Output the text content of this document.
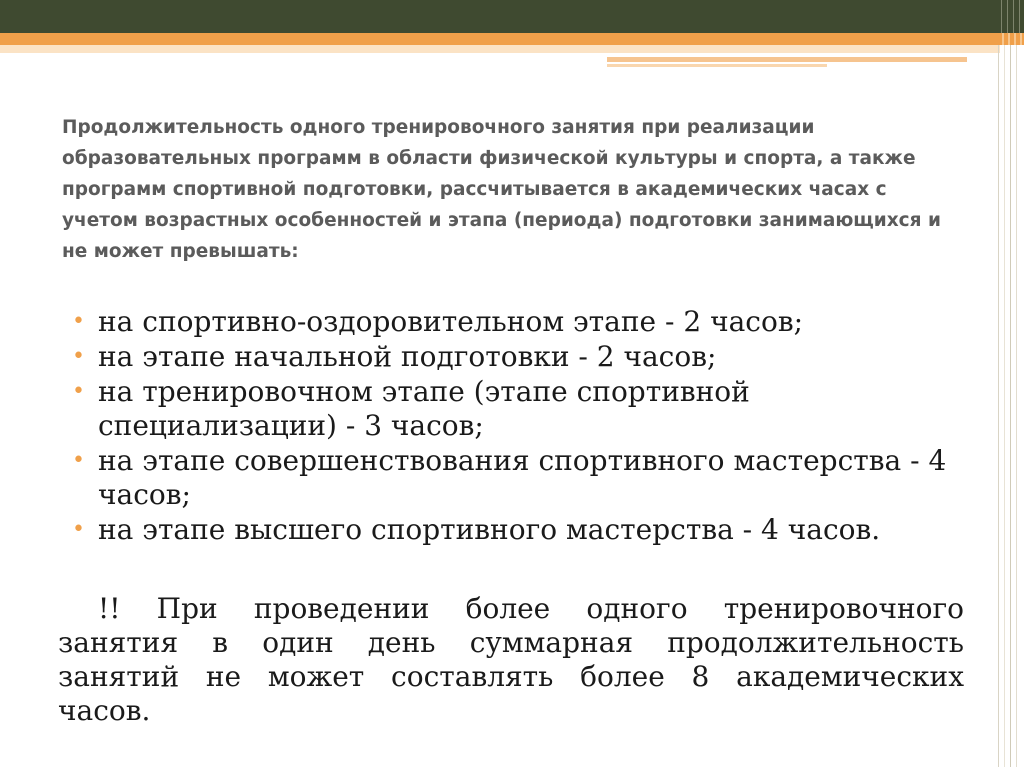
Продолжительность одного тренировочного занятия при реализации образовательных программ в области физической культуры и спорта, а также программ спортивной подготовки, рассчитывается в академических часах с учетом возрастных особенностей и этапа (периода) подготовки занимающихся и не может превышать:

• на спортивно-оздоровительном этапе - 2 часов;
• на этапе начальной подготовки - 2 часов;
• на тренировочном этапе (этапе спортивной специализации) - 3 часов;
• на этапе совершенствования спортивного мастерства - 4 часов;
• на этапе высшего спортивного мастерства - 4 часов.

!! При проведении более одного тренировочного занятия в один день суммарная продолжительность занятий не может составлять более 8 академических часов.
